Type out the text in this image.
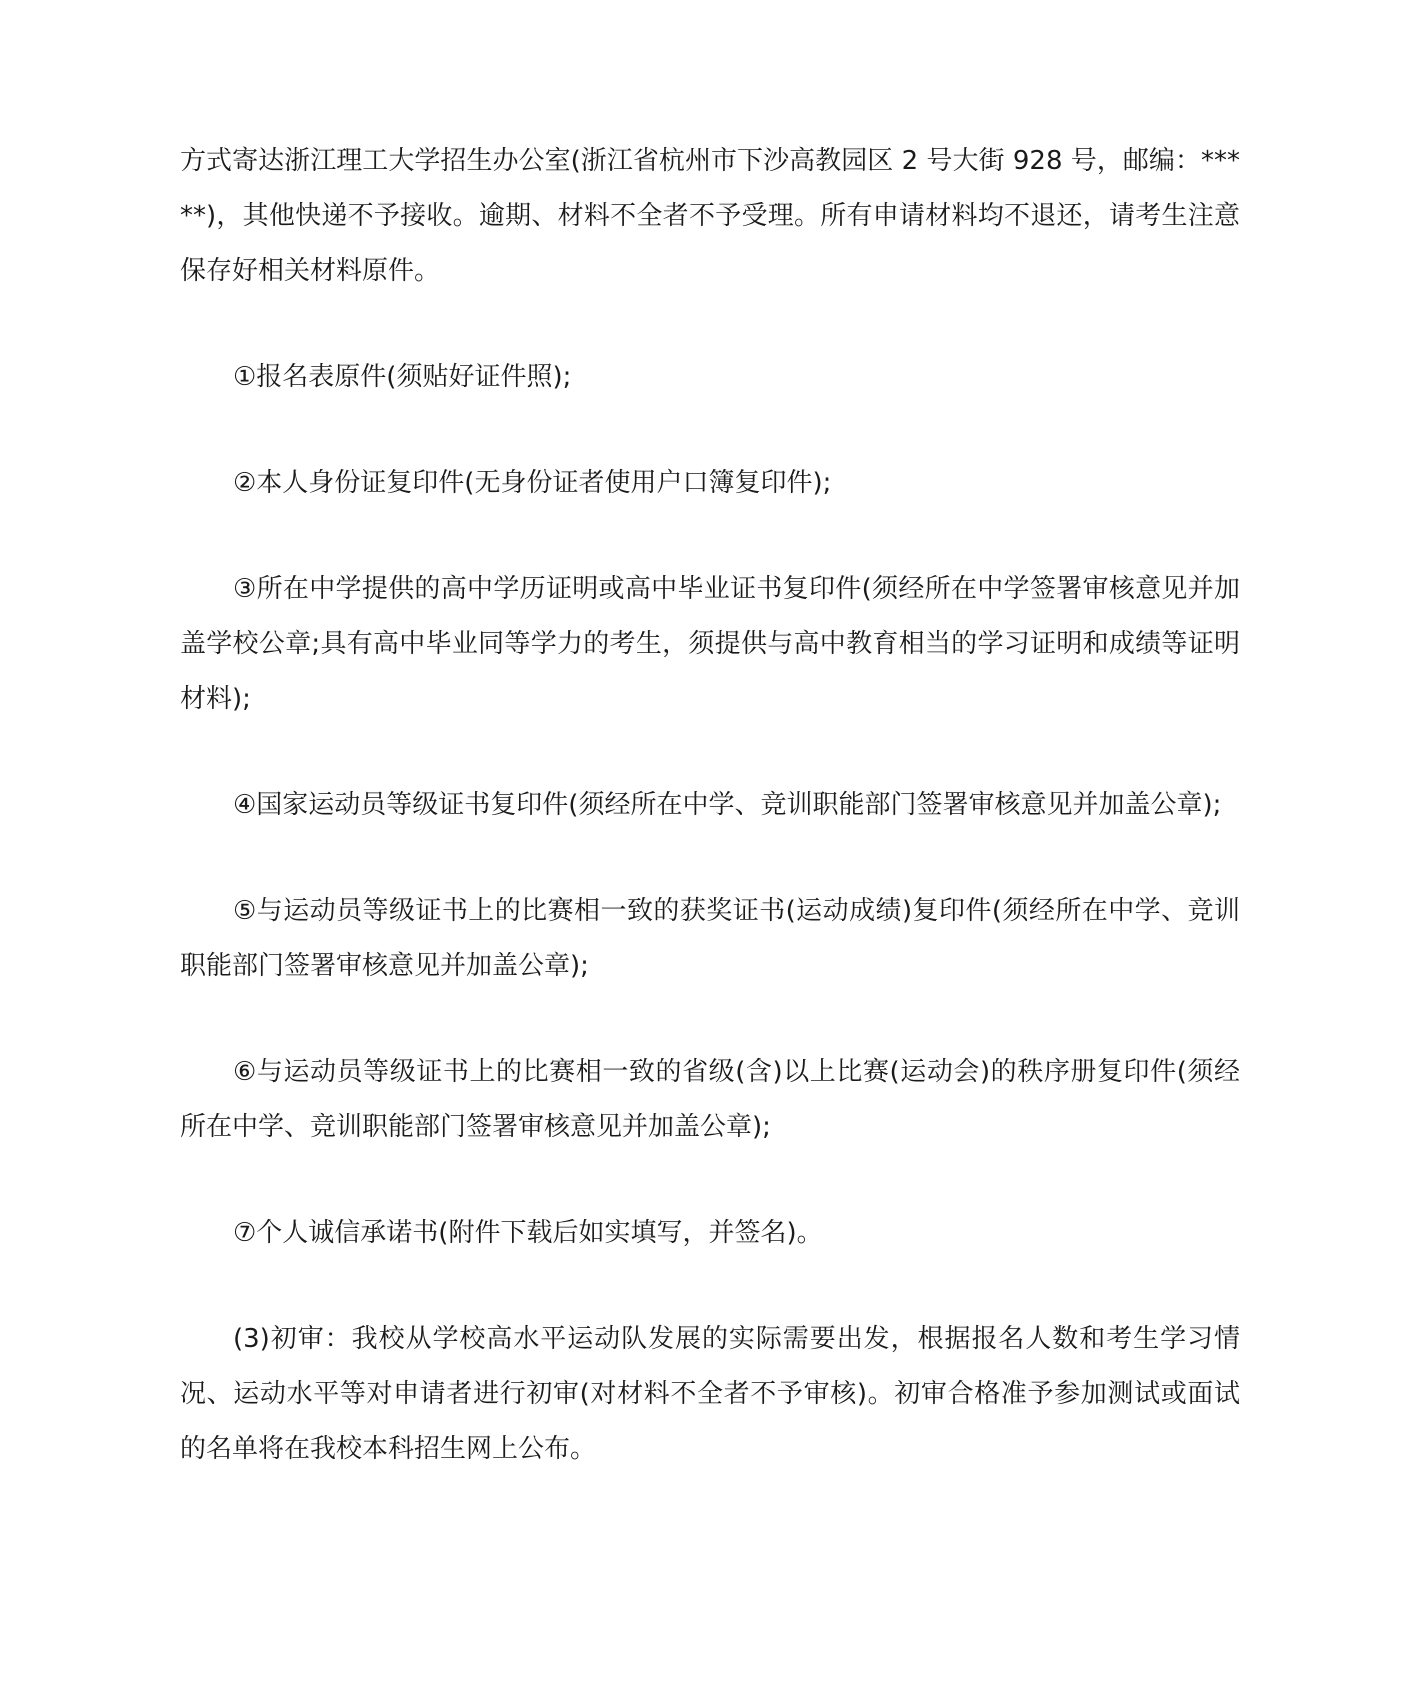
方式寄达浙江理工大学招生办公室(浙江省杭州市下沙高教园区 2 号大街 928 号，邮编：*****)，其他快递不予接收。逾期、材料不全者不予受理。所有申请材料均不退还，请考生注意保存好相关材料原件。

①报名表原件(须贴好证件照);

②本人身份证复印件(无身份证者使用户口簿复印件);

③所在中学提供的高中学历证明或高中毕业证书复印件(须经所在中学签署审核意见并加盖学校公章;具有高中毕业同等学力的考生，须提供与高中教育相当的学习证明和成绩等证明材料);

④国家运动员等级证书复印件(须经所在中学、竞训职能部门签署审核意见并加盖公章);

⑤与运动员等级证书上的比赛相一致的获奖证书(运动成绩)复印件(须经所在中学、竞训职能部门签署审核意见并加盖公章);

⑥与运动员等级证书上的比赛相一致的省级(含)以上比赛(运动会)的秩序册复印件(须经所在中学、竞训职能部门签署审核意见并加盖公章);

⑦个人诚信承诺书(附件下载后如实填写，并签名)。

(3)初审：我校从学校高水平运动队发展的实际需要出发，根据报名人数和考生学习情况、运动水平等对申请者进行初审(对材料不全者不予审核)。初审合格准予参加测试或面试的名单将在我校本科招生网上公布。
